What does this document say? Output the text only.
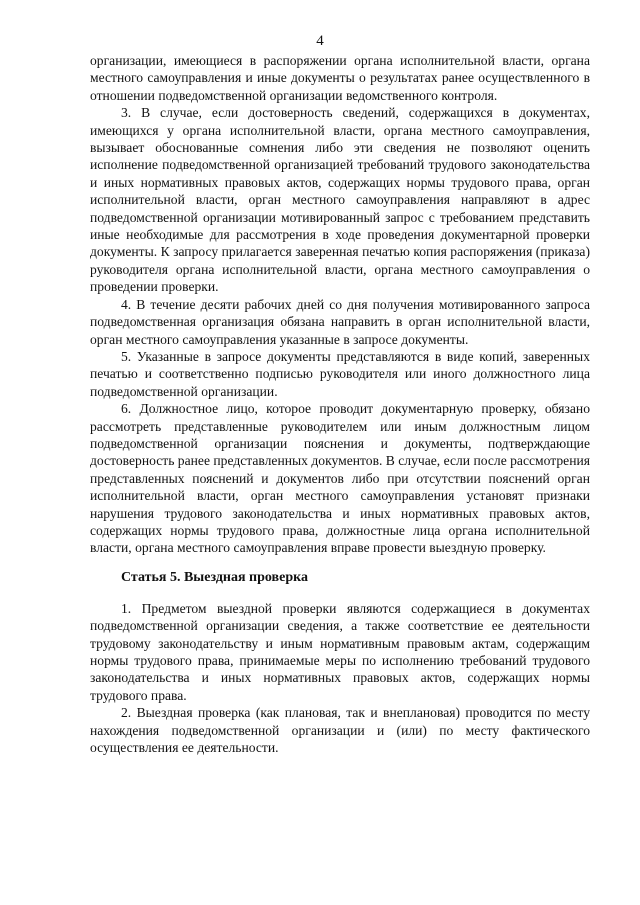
4

организации, имеющиеся в распоряжении органа исполнительной власти, органа местного самоуправления и иные документы о результатах ранее осуществленного в отношении подведомственной организации ведомственного контроля.

3. В случае, если достоверность сведений, содержащихся в документах, имеющихся у органа исполнительной власти, органа местного самоуправления, вызывает обоснованные сомнения либо эти сведения не позволяют оценить исполнение подведомственной организацией требований трудового законодательства и иных нормативных правовых актов, содержащих нормы трудового права, орган исполнительной власти, орган местного самоуправления направляют в адрес подведомственной организации мотивированный запрос с требованием представить иные необходимые для рассмотрения в ходе проведения документарной проверки документы. К запросу прилагается заверенная печатью копия распоряжения (приказа) руководителя органа исполнительной власти, органа местного самоуправления о проведении проверки.

4. В течение десяти рабочих дней со дня получения мотивированного запроса подведомственная организация обязана направить в орган исполнительной власти, орган местного самоуправления указанные в запросе документы.

5. Указанные в запросе документы представляются в виде копий, заверенных печатью и соответственно подписью руководителя или иного должностного лица подведомственной организации.

6. Должностное лицо, которое проводит документарную проверку, обязано рассмотреть представленные руководителем или иным должностным лицом подведомственной организации пояснения и документы, подтверждающие достоверность ранее представленных документов. В случае, если после рассмотрения представленных пояснений и документов либо при отсутствии пояснений орган исполнительной власти, орган местного самоуправления установят признаки нарушения трудового законодательства и иных нормативных правовых актов, содержащих нормы трудового права, должностные лица органа исполнительной власти, органа местного самоуправления вправе провести выездную проверку.

Статья 5. Выездная проверка

1. Предметом выездной проверки являются содержащиеся в документах подведомственной организации сведения, а также соответствие ее деятельности трудовому законодательству и иным нормативным правовым актам, содержащим нормы трудового права, принимаемые меры по исполнению требований трудового законодательства и иных нормативных правовых актов, содержащих нормы трудового права.

2. Выездная проверка (как плановая, так и внеплановая) проводится по месту нахождения подведомственной организации и (или) по месту фактического осуществления ее деятельности.
